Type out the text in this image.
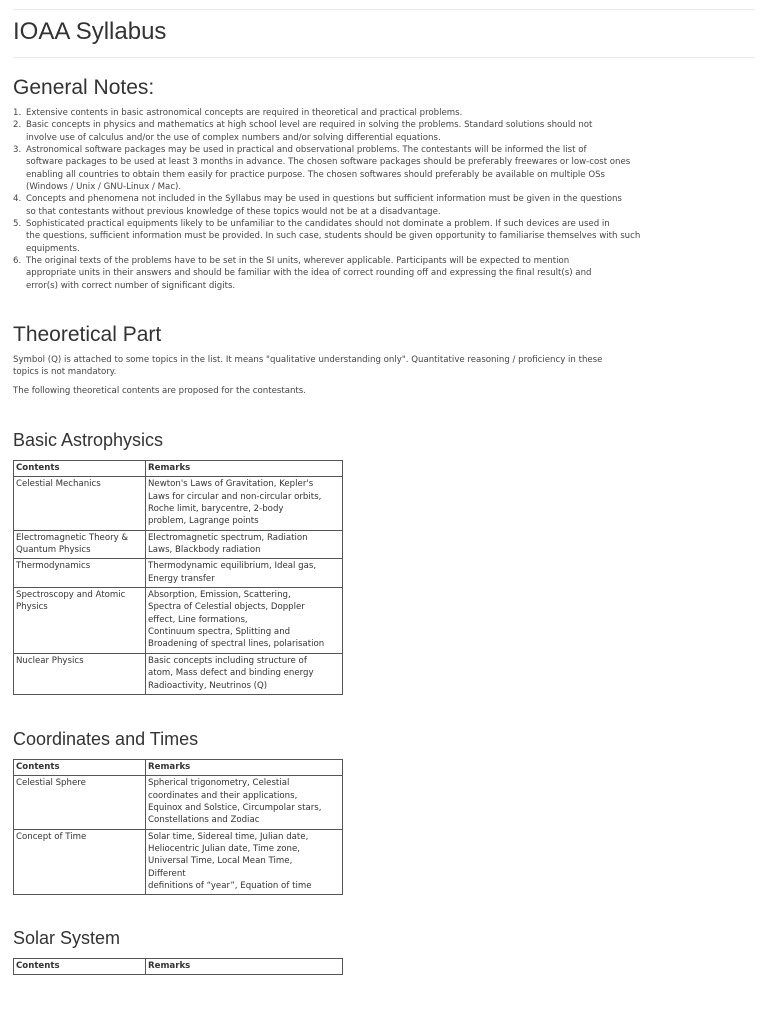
IOAA Syllabus
General Notes:
1. Extensive contents in basic astronomical concepts are required in theoretical and practical problems.
2. Basic concepts in physics and mathematics at high school level are required in solving the problems. Standard solutions should not
involve use of calculus and/or the use of complex numbers and/or solving differential equations.
3. Astronomical software packages may be used in practical and observational problems. The contestants will be informed the list of
software packages to be used at least 3 months in advance. The chosen software packages should be preferably freewares or low-cost ones
enabling all countries to obtain them easily for practice purpose. The chosen softwares should preferably be available on multiple OSs
(Windows / Unix / GNU-Linux / Mac).
4. Concepts and phenomena not included in the Syllabus may be used in questions but sufficient information must be given in the questions
so that contestants without previous knowledge of these topics would not be at a disadvantage.
5. Sophisticated practical equipments likely to be unfamiliar to the candidates should not dominate a problem. If such devices are used in
the questions, sufficient information must be provided. In such case, students should be given opportunity to familiarise themselves with such
equipments.
6. The original texts of the problems have to be set in the SI units, wherever applicable. Participants will be expected to mention
appropriate units in their answers and should be familiar with the idea of correct rounding off and expressing the final result(s) and
error(s) with correct number of significant digits.
Theoretical Part
Symbol (Q) is attached to some topics in the list. It means "qualitative understanding only". Quantitative reasoning / proficiency in these
topics is not mandatory.
The following theoretical contents are proposed for the contestants.
Basic Astrophysics
Contents	Remarks

Celestial Mechanics	Newton's Laws of Gravitation, Kepler's
Laws for circular and non-circular orbits,
Roche limit, barycentre, 2-body
problem, Lagrange points

Electromagnetic Theory &
Quantum Physics	Electromagnetic spectrum, Radiation
Laws, Blackbody radiation

Thermodynamics	Thermodynamic equilibrium, Ideal gas,
Energy transfer

Spectroscopy and Atomic
Physics	Absorption, Emission, Scattering,
Spectra of Celestial objects, Doppler
effect, Line formations,
Continuum spectra, Splitting and
Broadening of spectral lines, polarisation

Nuclear Physics	Basic concepts including structure of
atom, Mass defect and binding energy
Radioactivity, Neutrinos (Q)
Coordinates and Times
Contents	Remarks

Celestial Sphere	Spherical trigonometry, Celestial
coordinates and their applications,
Equinox and Solstice, Circumpolar stars,
Constellations and Zodiac

Concept of Time	Solar time, Sidereal time, Julian date,
Heliocentric Julian date, Time zone,
Universal Time, Local Mean Time,
Different
definitions of “year”, Equation of time
Solar System
Contents	Remarks
